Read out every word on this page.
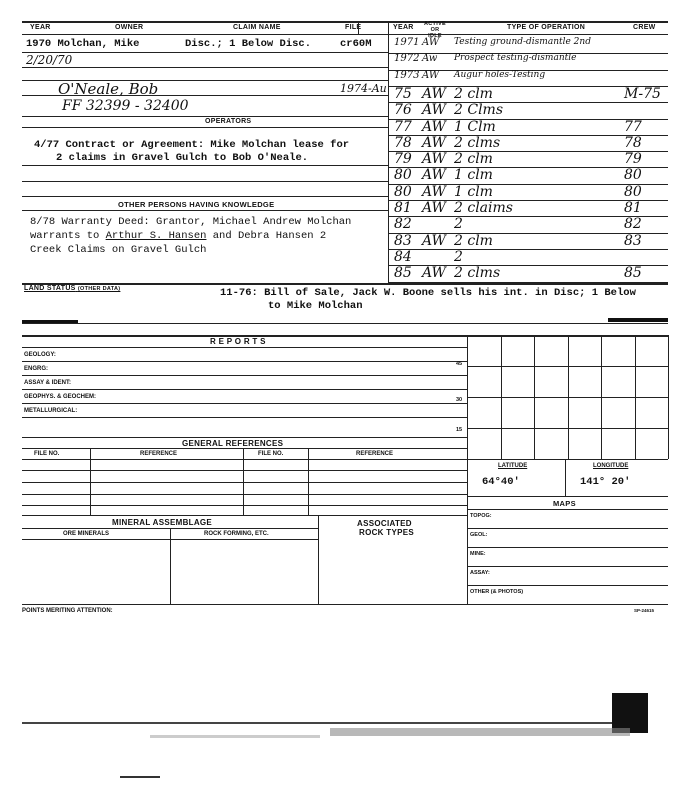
YEAR	OWNER	CLAIM NAME	FILE	YEAR ACTIVE OR IDLE
TYPE OF OPERATION	CREW
1970 Molchan, Mike	Disc.; 1 Below Disc.	cr60M
2/20/70
O'Neale, Bob	1974-Au
FF 32399 - 32400
OPERATORS
4/77 Contract or Agreement: Mike Molchan lease for
2 claims in Gravel Gulch to Bob O'Neale.
OTHER PERSONS HAVING KNOWLEDGE
8/78 Warranty Deed: Grantor, Michael Andrew Molchan
warrants to Arthur S. Hansen and Debra Hansen 2
Creek Claims on Gravel Gulch
1971 AW Testing ground-dismantle 2nd
1972 Aw Prospect testing-dismantle
1973 AW Augur holes-Testing
75 AW 2 clm	M-75
76 AW 2 Clms
77 AW 1 Clm	77
78 AW 2 clms	78
79 AW 2 clm	79
80 AW 1 clm	80
80 AW 1 clm	80
81 AW 2 claims	81
82	2	82
83 AW 2 clm	83
84	2
85 AW 2 clms	85
LAND STATUS (OTHER DATA)	11-76: Bill of Sale, Jack W. Boone sells his int. in Disc; 1 Below
to Mike Molchan
R E P O R T S
GEOLOGY:
ENGRG:
ASSAY & IDENT:
GEOPHYS. & GEOCHEM:
METALLURGICAL:
45
30
15
GENERAL REFERENCES
FILE NO.	REFERENCE	FILE NO.	REFERENCE
LATITUDE	LONGITUDE
64°40'	141° 20'
MAPS
TOPOG:
GEOL:
MINE:
ASSAY:
OTHER (& PHOTOS)
MINERAL ASSEMBLAGE	ASSOCIATED
ROCK TYPES
ORE MINERALS	ROCK FORMING, ETC.
POINTS MERITING ATTENTION:	SP-24615
